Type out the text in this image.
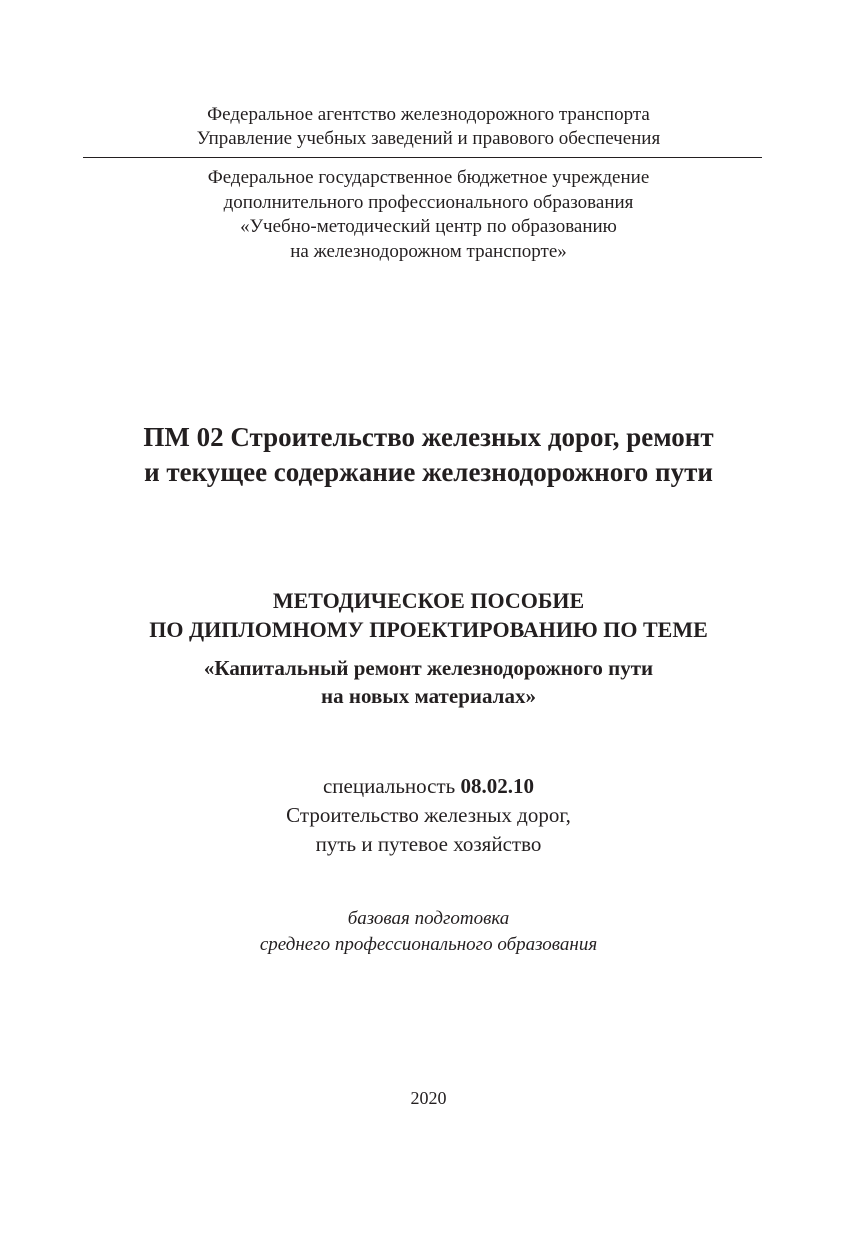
Федеральное агентство железнодорожного транспорта
Управление учебных заведений и правового обеспечения
Федеральное государственное бюджетное учреждение
дополнительного профессионального образования
«Учебно-методический центр по образованию
на железнодорожном транспорте»
ПМ 02 Строительство железных дорог, ремонт
и текущее содержание железнодорожного пути
МЕТОДИЧЕСКОЕ ПОСОБИЕ
ПО ДИПЛОМНОМУ ПРОЕКТИРОВАНИЮ ПО ТЕМЕ
«Капитальный ремонт железнодорожного пути
на новых материалах»
специальность 08.02.10
Строительство железных дорог,
путь и путевое хозяйство
базовая подготовка
среднего профессионального образования
2020
